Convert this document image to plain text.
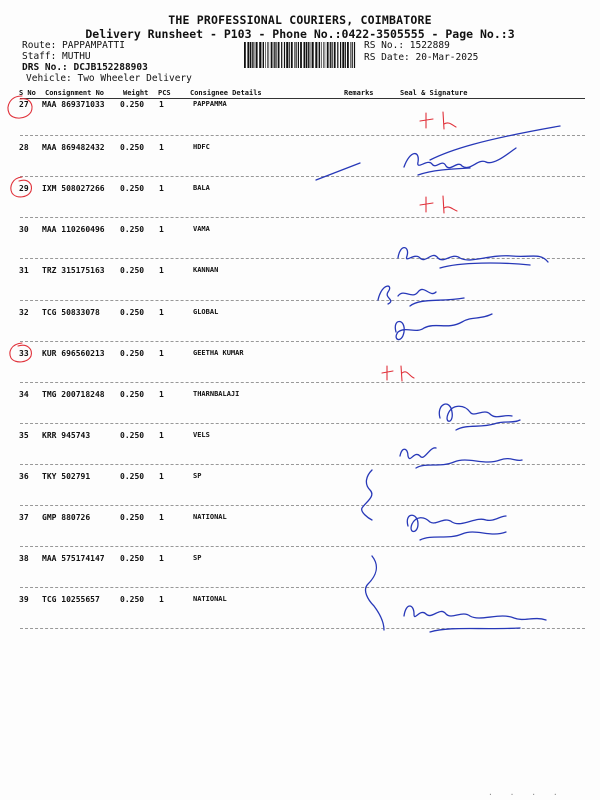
THE PROFESSIONAL COURIERS, COIMBATORE
Delivery Runsheet - P103 - Phone No.:0422-3505555 - Page No.:3
Route: PAPPAMPATTI
Staff: MUTHU
DRS No.: DCJB152288903
Vehicle: Two Wheeler Delivery
RS No.: 1522889
RS Date: 20-Mar-2025
S No Consignment No	Weight PCS	Consignee Details	Remarks	Seal & Signature
27 MAA 869371033 0.250 1	PAPPAMMA
28 MAA 869482432 0.250 1	HDFC
29 IXM 508027266 0.250 1	BALA
30 MAA 110260496 0.250 1	VAMA
31 TRZ 315175163 0.250 1	KANNAN
32 TCG 50833078	0.250 1	GLOBAL
33 KUR 696560213 0.250 1	GEETHA KUMAR
34 TMG 200718248 0.250 1	THARNBALAJI
35 KRR 945743	0.250 1	VELS
36 TKY 502791	0.250 1	SP
37 GMP 880726	0.250 1	NATIONAL
38 MAA 575174147 0.250 1	SP
39 TCG 10255657	0.250 1	NATIONAL
· · · ·
